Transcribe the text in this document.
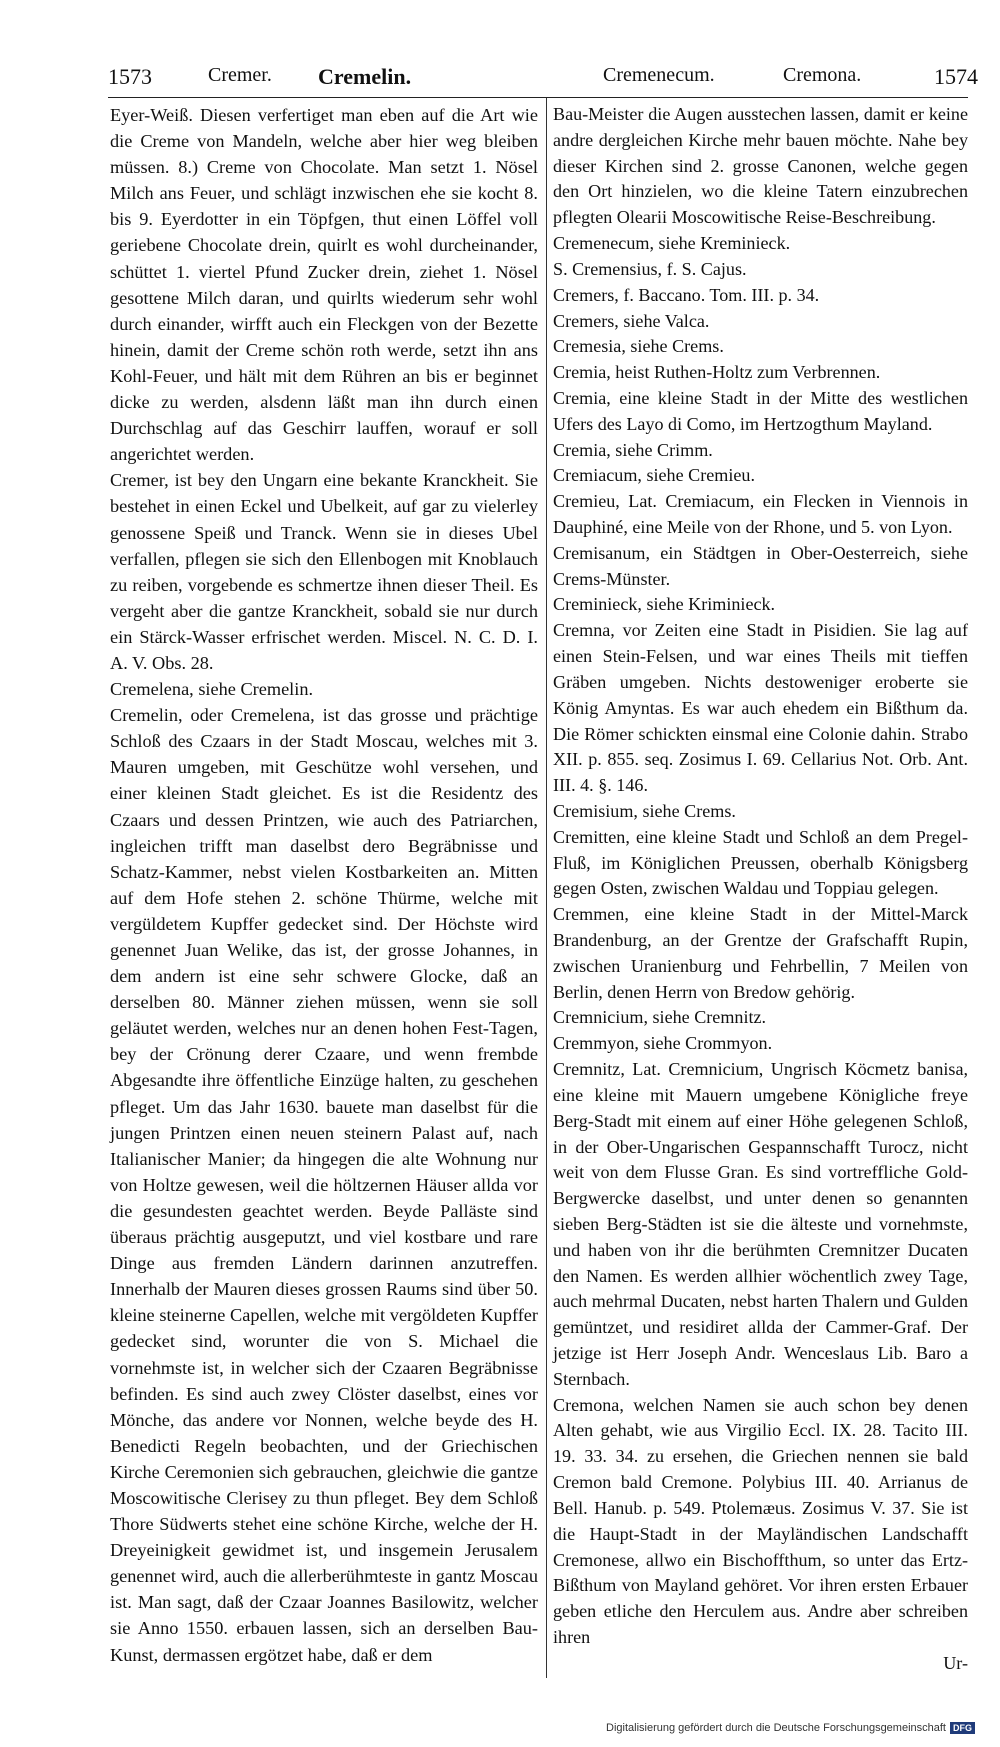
1573	Cremer. Cremelin.	Cremenecum.	Cremona.	1574

Eyer-Weiß. Diesen verfertiget man eben auf die Art wie die Creme von Mandeln, welche aber hier weg bleiben müssen. 8.) Creme von Chocolate. Man setzt 1. Nösel Milch ans Feuer, und schlägt inzwischen ehe sie kocht 8. bis 9. Eyerdotter in ein Töpfgen, thut einen Löffel voll geriebene Chocolate drein, quirlt es wohl durcheinander, schüttet 1. viertel Pfund Zucker drein, ziehet 1. Nösel gesottene Milch daran, und quirlts wiederum sehr wohl durch einander, wirfft auch ein Fleckgen von der Bezette hinein, damit der Creme schön roth werde, setzt ihn ans Kohl-Feuer, und hält mit dem Rühren an bis er beginnet dicke zu werden, alsdenn läßt man ihn durch einen Durchschlag auf das Geschirr lauffen, worauf er soll angerichtet werden.

Cremer, ist bey den Ungarn eine bekante Kranckheit. Sie bestehet in einen Eckel und Ubelkeit, auf gar zu vielerley genossene Speiß und Tranck. Wenn sie in dieses Ubel verfallen, pflegen sie sich den Ellenbogen mit Knoblauch zu reiben, vorgebende es schmertze ihnen dieser Theil. Es vergeht aber die gantze Kranckheit, sobald sie nur durch ein Stärck-Wasser erfrischet werden. Miscel. N. C. D. I. A. V. Obs. 28.

Cremelena, siehe Cremelin.

Cremelin, oder Cremelena, ist das grosse und prächtige Schloß des Czaars in der Stadt Moscau, welches mit 3. Mauren umgeben, mit Geschütze wohl versehen, und einer kleinen Stadt gleichet. Es ist die Residentz des Czaars und dessen Printzen, wie auch des Patriarchen, ingleichen trifft man daselbst dero Begräbnisse und Schatz-Kammer, nebst vielen Kostbarkeiten an. Mitten auf dem Hofe stehen 2. schöne Thürme, welche mit vergüldetem Kupffer gedecket sind. Der Höchste wird genennet Juan Welike, das ist, der grosse Johannes, in dem andern ist eine sehr schwere Glocke, daß an derselben 80. Männer ziehen müssen, wenn sie soll geläutet werden, welches nur an denen hohen Fest-Tagen, bey der Crönung derer Czaare, und wenn frembde Abgesandte ihre öffentliche Einzüge halten, zu geschehen pfleget. Um das Jahr 1630. bauete man daselbst für die jungen Printzen einen neuen steinern Palast auf, nach Italianischer Manier; da hingegen die alte Wohnung nur von Holtze gewesen, weil die höltzernen Häuser allda vor die gesundesten geachtet werden. Beyde Palläste sind überaus prächtig ausgeputzt, und viel kostbare und rare Dinge aus fremden Ländern darinnen anzutreffen. Innerhalb der Mauren dieses grossen Raums sind über 50. kleine steinerne Capellen, welche mit vergöldeten Kupffer gedecket sind, worunter die von S. Michael die vornehmste ist, in welcher sich der Czaaren Begräbnisse befinden. Es sind auch zwey Clöster daselbst, eines vor Mönche, das andere vor Nonnen, welche beyde des H. Benedicti Regeln beobachten, und der Griechischen Kirche Ceremonien sich gebrauchen, gleichwie die gantze Moscowitische Clerisey zu thun pfleget. Bey dem Schloß Thore Südwerts stehet eine schöne Kirche, welche der H. Dreyeinigkeit gewidmet ist, und insgemein Jerusalem genennet wird, auch die allerberühmteste in gantz Moscau ist. Man sagt, daß der Czaar Joannes Basilowitz, welcher sie Anno 1550. erbauen lassen, sich an derselben Bau-Kunst, dermassen ergötzet habe, daß er dem

Bau-Meister die Augen ausstechen lassen, damit er keine andre dergleichen Kirche mehr bauen möchte. Nahe bey dieser Kirchen sind 2. grosse Canonen, welche gegen den Ort hinzielen, wo die kleine Tatern einzubrechen pflegten Olearii Moscowitische Reise-Beschreibung.

Cremenecum, siehe Kreminieck.

S. Cremensius, f. S. Cajus.

Cremers, f. Baccano. Tom. III. p. 34.

Cremers, siehe Valca.

Cremesia, siehe Crems.

Cremia, heist Ruthen-Holtz zum Verbrennen.

Cremia, eine kleine Stadt in der Mitte des westlichen Ufers des Layo di Como, im Hertzogthum Mayland.

Cremia, siehe Crimm.

Cremiacum, siehe Cremieu.

Cremieu, Lat. Cremiacum, ein Flecken in Viennois in Dauphiné, eine Meile von der Rhone, und 5. von Lyon.

Cremisanum, ein Städtgen in Ober-Oesterreich, siehe Crems-Münster.

Creminieck, siehe Kriminieck.

Cremna, vor Zeiten eine Stadt in Pisidien. Sie lag auf einen Stein-Felsen, und war eines Theils mit tieffen Gräben umgeben. Nichts destoweniger eroberte sie König Amyntas. Es war auch ehedem ein Bißthum da. Die Römer schickten einsmal eine Colonie dahin. Strabo XII. p. 855. seq. Zosimus I. 69. Cellarius Not. Orb. Ant. III. 4. §. 146.

Cremisium, siehe Crems.

Cremitten, eine kleine Stadt und Schloß an dem Pregel-Fluß, im Königlichen Preussen, oberhalb Königsberg gegen Osten, zwischen Waldau und Toppiau gelegen.

Cremmen, eine kleine Stadt in der Mittel-Marck Brandenburg, an der Grentze der Grafschafft Rupin, zwischen Uranienburg und Fehrbellin, 7 Meilen von Berlin, denen Herrn von Bredow gehörig.

Cremnicium, siehe Cremnitz.

Cremmyon, siehe Crommyon.

Cremnitz, Lat. Cremnicium, Ungrisch Köcmetz banisa, eine kleine mit Mauern umgebene Königliche freye Berg-Stadt mit einem auf einer Höhe gelegenen Schloß, in der Ober-Ungarischen Gespannschafft Turocz, nicht weit von dem Flusse Gran. Es sind vortreffliche Gold-Bergwercke daselbst, und unter denen so genannten sieben Berg-Städten ist sie die älteste und vornehmste, und haben von ihr die berühmten Cremnitzer Ducaten den Namen. Es werden allhier wöchentlich zwey Tage, auch mehrmal Ducaten, nebst harten Thalern und Gulden gemüntzet, und residiret allda der Cammer-Graf. Der jetzige ist Herr Joseph Andr. Wenceslaus Lib. Baro a Sternbach.

Cremona, welchen Namen sie auch schon bey denen Alten gehabt, wie aus Virgilio Eccl. IX. 28. Tacito III. 19. 33. 34. zu ersehen, die Griechen nennen sie bald Cremon bald Cremone. Polybius III. 40. Arrianus de Bell. Hanub. p. 549. Ptolemæus. Zosimus V. 37. Sie ist die Haupt-Stadt in der Mayländischen Landschafft Cremonese, allwo ein Bischoffthum, so unter das Ertz-Bißthum von Mayland gehöret. Vor ihren ersten Erbauer geben etliche den Herculem aus. Andre aber schreiben ihren

Ur-

Digitalisierung gefördert durch die Deutsche Forschungsgemeinschaft DFG
